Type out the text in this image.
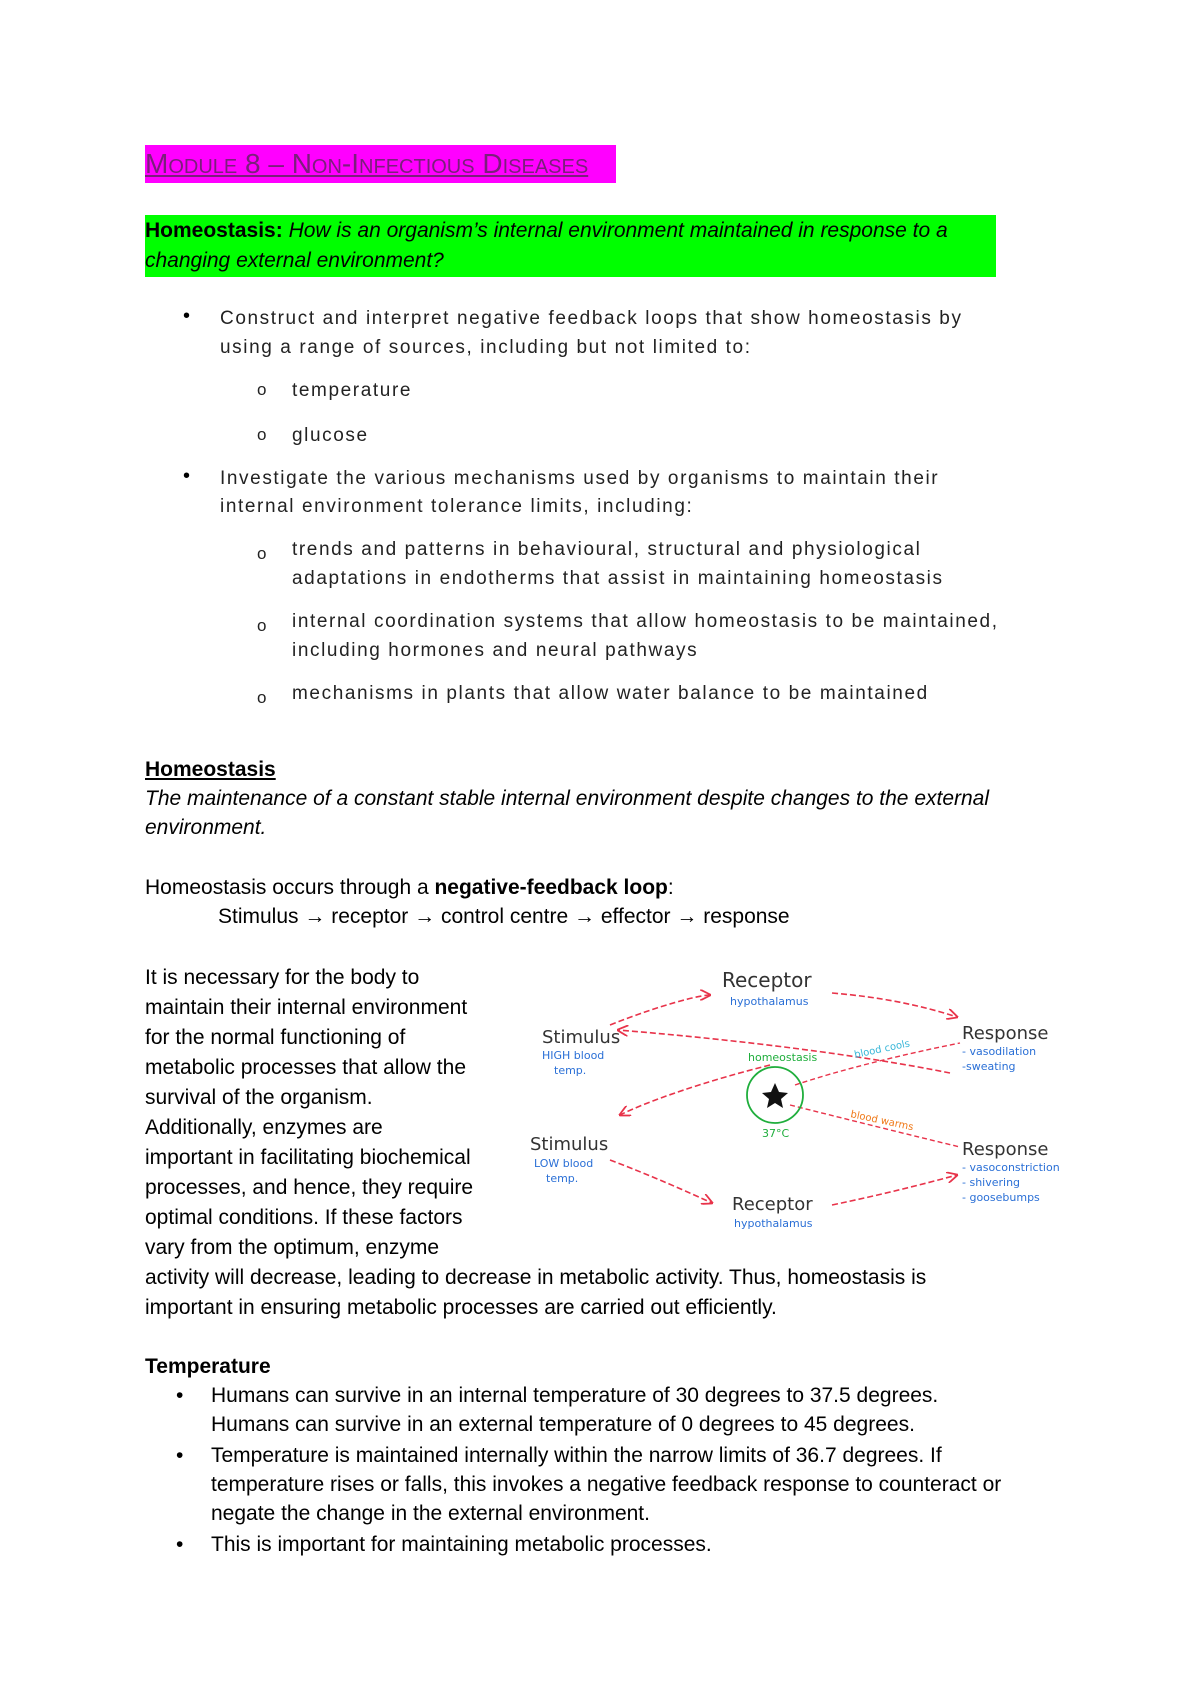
Module 8 – Non-Infectious Diseases
Homeostasis: How is an organism’s internal environment maintained in response to a
changing external environment?
• Construct and interpret negative feedback loops that show homeostasis by
using a range of sources, including but not limited to:
o temperature
o glucose
• Investigate the various mechanisms used by organisms to maintain their
internal environment tolerance limits, including:
o trends and patterns in behavioural, structural and physiological
adaptations in endotherms that assist in maintaining homeostasis
o internal coordination systems that allow homeostasis to be maintained,
including hormones and neural pathways
o mechanisms in plants that allow water balance to be maintained
Homeostasis
The maintenance of a constant stable internal environment despite changes to the external
environment.
Homeostasis occurs through a negative-feedback loop:
Stimulus → receptor → control centre → effector → response
It is necessary for the body to
maintain their internal environment
for the normal functioning of
metabolic processes that allow the
survival of the organism.
Additionally, enzymes are
important in facilitating biochemical
processes, and hence, they require
optimal conditions. If these factors
vary from the optimum, enzyme
activity will decrease, leading to decrease in metabolic activity. Thus, homeostasis is
important in ensuring metabolic processes are carried out efficiently.
Receptor
hypothalamus
Stimulus
HIGH blood
temp.
Response
- vasodilation
-sweating
homeostasis
37°C
blood cools
blood warms
Stimulus
LOW blood
temp.
Receptor
hypothalamus
Response
- vasoconstriction
- shivering
- goosebumps
Temperature
• Humans can survive in an internal temperature of 30 degrees to 37.5 degrees.
Humans can survive in an external temperature of 0 degrees to 45 degrees.
• Temperature is maintained internally within the narrow limits of 36.7 degrees. If
temperature rises or falls, this invokes a negative feedback response to counteract or
negate the change in the external environment.
• This is important for maintaining metabolic processes.
